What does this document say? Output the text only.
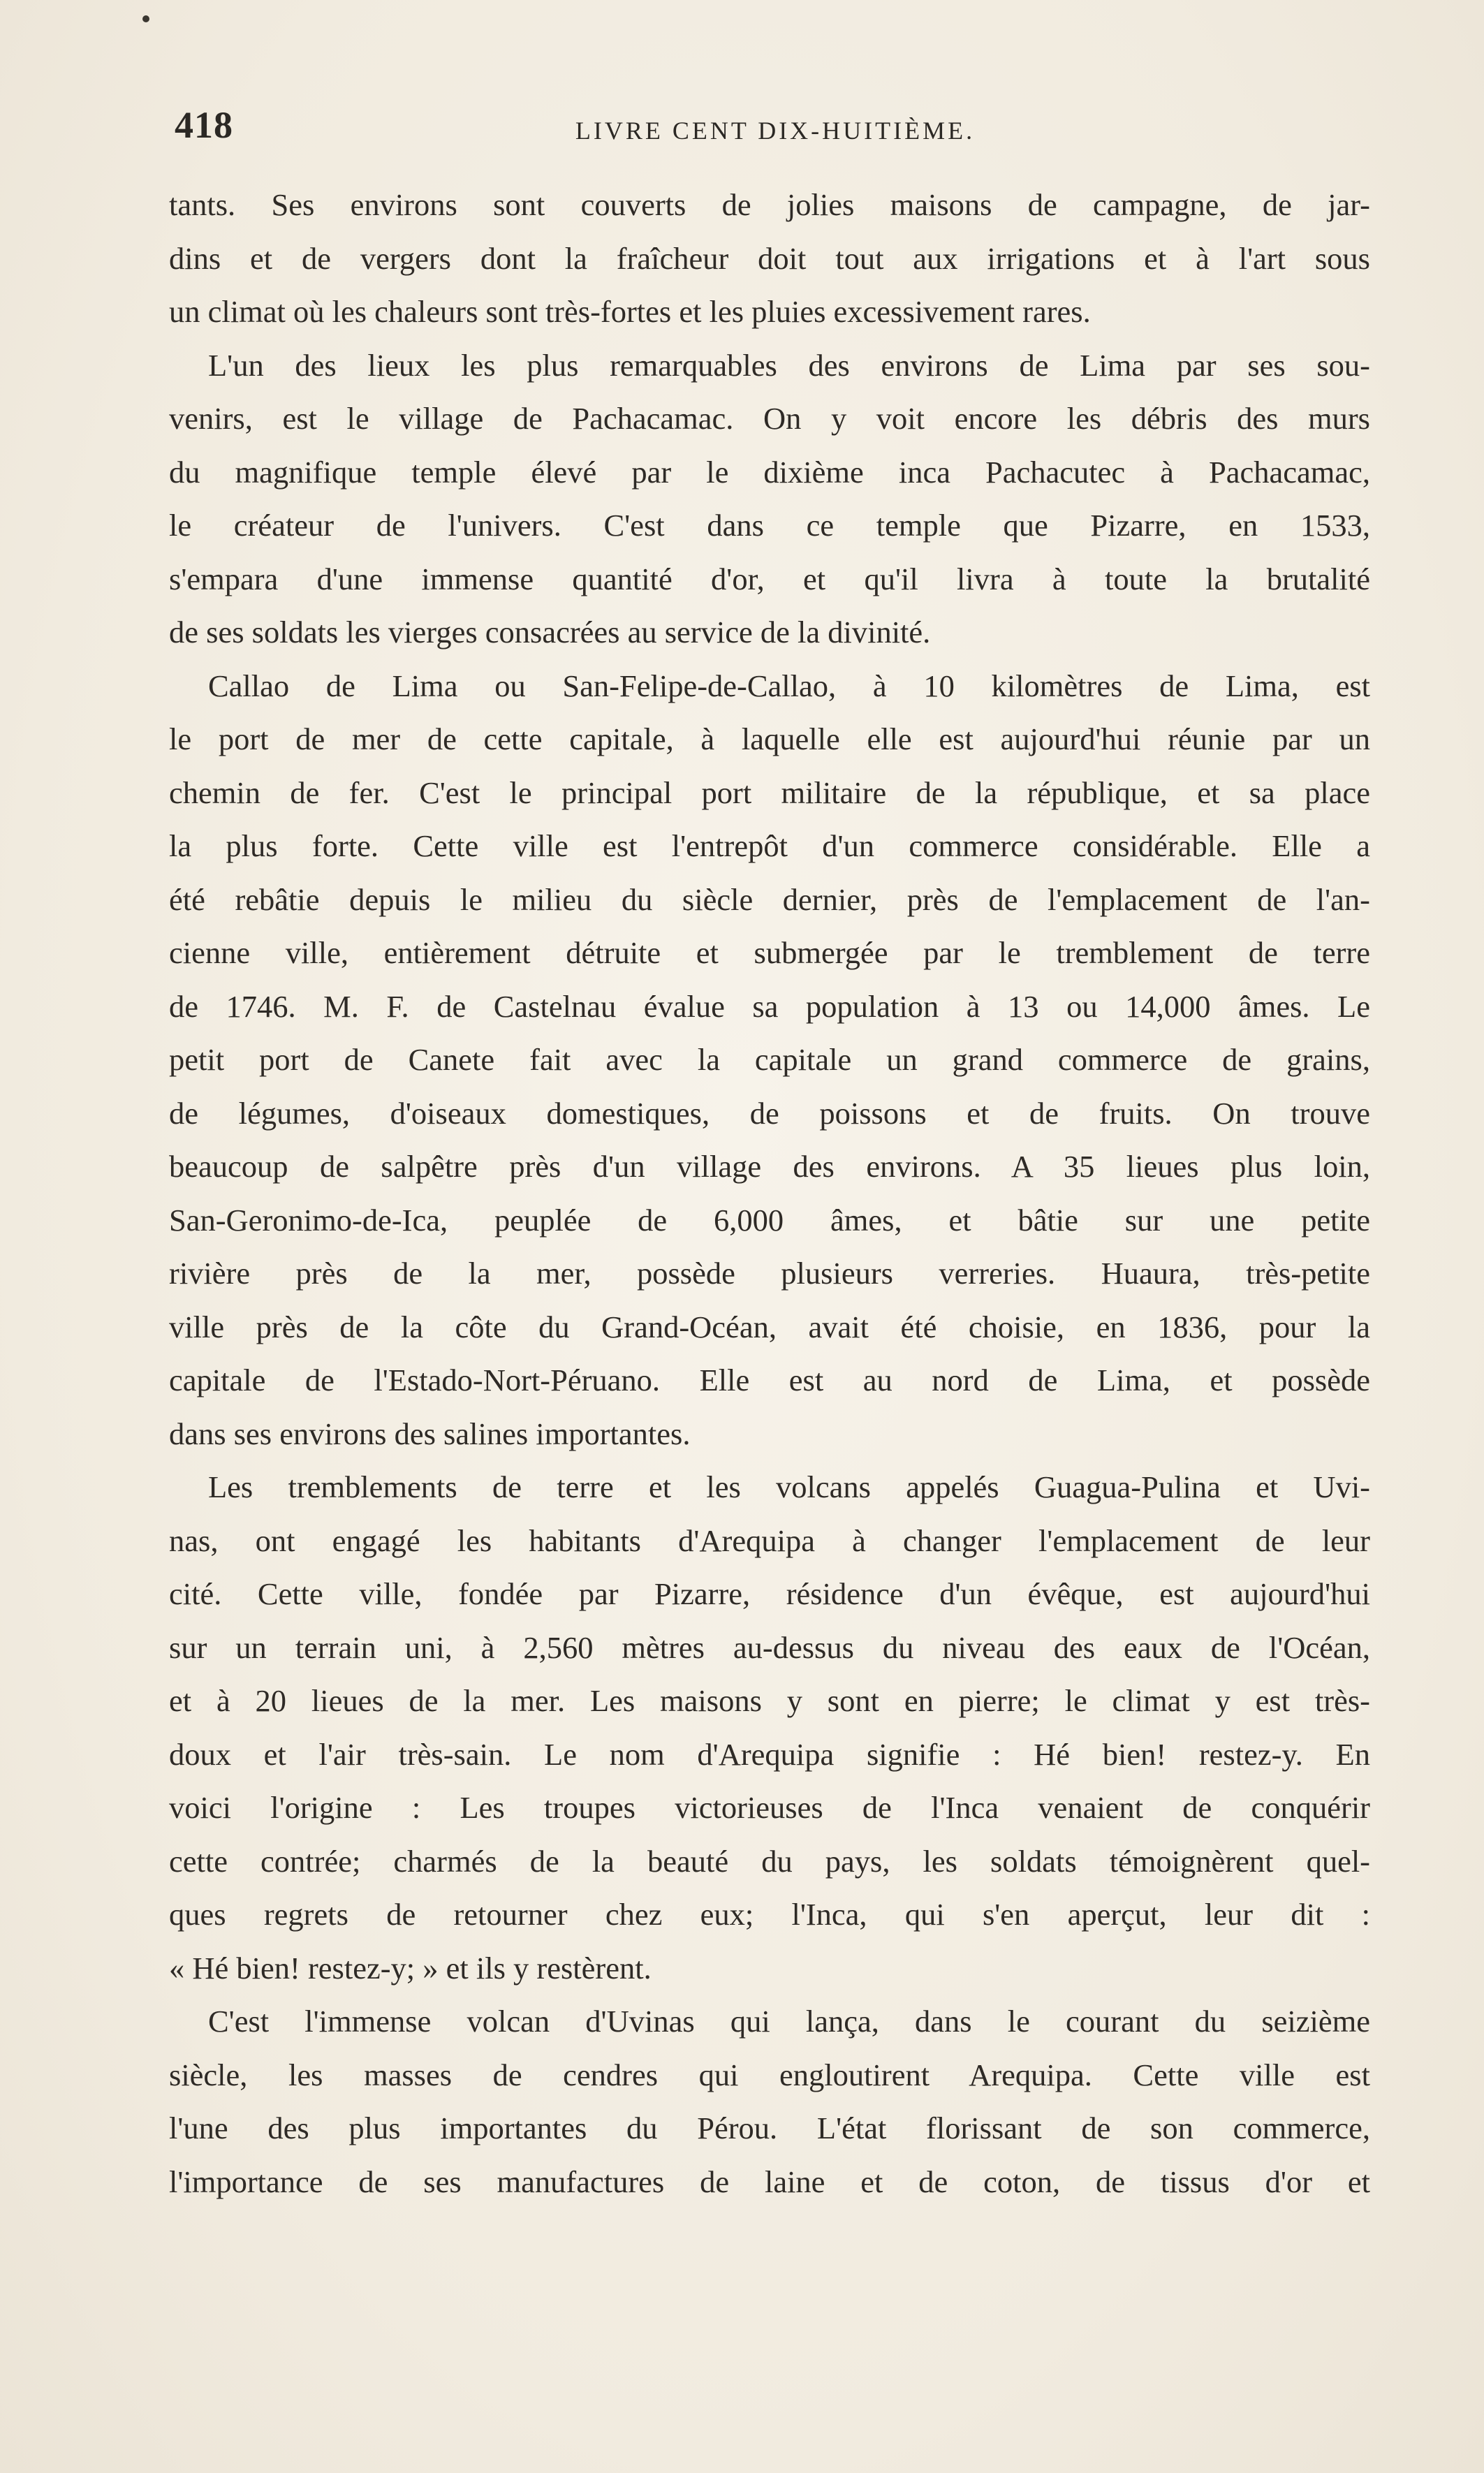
418	LIVRE CENT DIX-HUITIÈME.
tants. Ses environs sont couverts de jolies maisons de campagne, de jar-
dins et de vergers dont la fraîcheur doit tout aux irrigations et à l'art sous
un climat où les chaleurs sont très-fortes et les pluies excessivement rares.
L'un des lieux les plus remarquables des environs de Lima par ses sou-
venirs, est le village de Pachacamac. On y voit encore les débris des murs
du magnifique temple élevé par le dixième inca Pachacutec à Pachacamac,
le créateur de l'univers. C'est dans ce temple que Pizarre, en 1533,
s'empara d'une immense quantité d'or, et qu'il livra à toute la brutalité
de ses soldats les vierges consacrées au service de la divinité.
Callao de Lima ou San-Felipe-de-Callao, à 10 kilomètres de Lima, est
le port de mer de cette capitale, à laquelle elle est aujourd'hui réunie par un
chemin de fer. C'est le principal port militaire de la république, et sa place
la plus forte. Cette ville est l'entrepôt d'un commerce considérable. Elle a
été rebâtie depuis le milieu du siècle dernier, près de l'emplacement de l'an-
cienne ville, entièrement détruite et submergée par le tremblement de terre
de 1746. M. F. de Castelnau évalue sa population à 13 ou 14,000 âmes. Le
petit port de Canete fait avec la capitale un grand commerce de grains,
de légumes, d'oiseaux domestiques, de poissons et de fruits. On trouve
beaucoup de salpêtre près d'un village des environs. A 35 lieues plus loin,
San-Geronimo-de-Ica, peuplée de 6,000 âmes, et bâtie sur une petite
rivière près de la mer, possède plusieurs verreries. Huaura, très-petite
ville près de la côte du Grand-Océan, avait été choisie, en 1836, pour la
capitale de l'Estado-Nort-Péruano. Elle est au nord de Lima, et possède
dans ses environs des salines importantes.
Les tremblements de terre et les volcans appelés Guagua-Pulina et Uvi-
nas, ont engagé les habitants d'Arequipa à changer l'emplacement de leur
cité. Cette ville, fondée par Pizarre, résidence d'un évêque, est aujourd'hui
sur un terrain uni, à 2,560 mètres au-dessus du niveau des eaux de l'Océan,
et à 20 lieues de la mer. Les maisons y sont en pierre; le climat y est très-
doux et l'air très-sain. Le nom d'Arequipa signifie : Hé bien! restez-y. En
voici l'origine : Les troupes victorieuses de l'Inca venaient de conquérir
cette contrée; charmés de la beauté du pays, les soldats témoignèrent quel-
ques regrets de retourner chez eux; l'Inca, qui s'en aperçut, leur dit :
« Hé bien! restez-y; » et ils y restèrent.
C'est l'immense volcan d'Uvinas qui lança, dans le courant du seizième
siècle, les masses de cendres qui engloutirent Arequipa. Cette ville est
l'une des plus importantes du Pérou. L'état florissant de son commerce,
l'importance de ses manufactures de laine et de coton, de tissus d'or et
